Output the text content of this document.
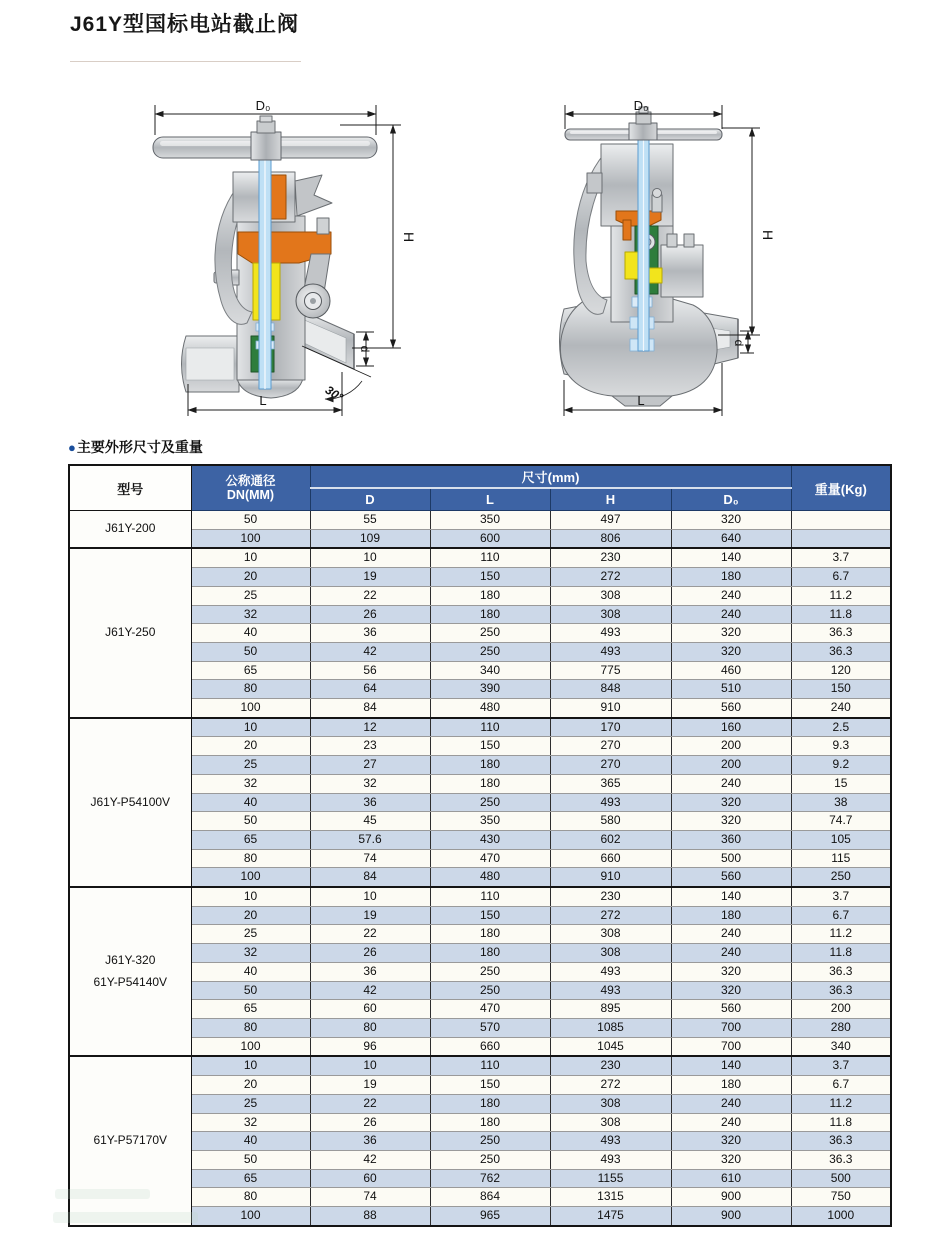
J61Y型国标电站截止阀
D₀
H
d
L	30°
D₀
H
d
L
●主要外形尺寸及重量
型号	公称通径
DN(MM)	尺寸(mm)				重量(Kg)
		D	L	H	D₀	

J61Y-200	50	55	350	497	320	
	100	109	600	806	640	

J61Y-250	10	10	110	230	140	3.7
	20	19	150	272	180	6.7
	25	22	180	308	240	11.2
	32	26	180	308	240	11.8
	40	36	250	493	320	36.3
	50	42	250	493	320	36.3
	65	56	340	775	460	120
	80	64	390	848	510	150
	100	84	480	910	560	240

J61Y-P54100V	10	12	110	170	160	2.5
	20	23	150	270	200	9.3
	25	27	180	270	200	9.2
	32	32	180	365	240	15
	40	36	250	493	320	38
	50	45	350	580	320	74.7
	65	57.6	430	602	360	105
	80	74	470	660	500	115
	100	84	480	910	560	250

J61Y-320
61Y-P54140V	10	10	110	230	140	3.7
	20	19	150	272	180	6.7
	25	22	180	308	240	11.2
	32	26	180	308	240	11.8
	40	36	250	493	320	36.3
	50	42	250	493	320	36.3
	65	60	470	895	560	200
	80	80	570	1085	700	280
	100	96	660	1045	700	340

61Y-P57170V	10	10	110	230	140	3.7
	20	19	150	272	180	6.7
	25	22	180	308	240	11.2
	32	26	180	308	240	11.8
	40	36	250	493	320	36.3
	50	42	250	493	320	36.3
	65	60	762	1155	610	500
	80	74	864	1315	900	750
	100	88	965	1475	900	1000
